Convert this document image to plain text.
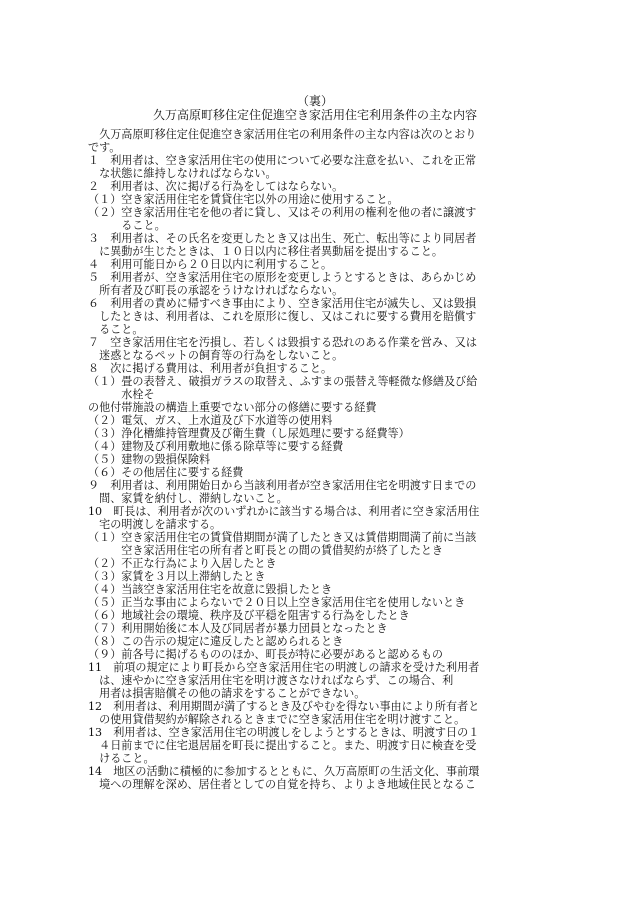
（裏）
久万高原町移住定住促進空き家活用住宅利用条件の主な内容
　久万高原町移住定住促進空き家活用住宅の利用条件の主な内容は次のとおり
です。
１　利用者は、空き家活用住宅の使用について必要な注意を払い、これを正常
　な状態に維持しなければならない。
２　利用者は、次に掲げる行為をしてはならない。
（１）空き家活用住宅を賃貸住宅以外の用途に使用すること。
（２）空き家活用住宅を他の者に貸し、又はその利用の権利を他の者に譲渡す
　　　ること。
３　利用者は、その氏名を変更したとき又は出生、死亡、転出等により同居者
　に異動が生じたときは、１０日以内に移住者異動届を提出すること。
４　利用可能日から２０日以内に利用すること。
５　利用者が、空き家活用住宅の原形を変更しようとするときは、あらかじめ
　所有者及び町長の承認をうけなければならない。
６　利用者の責めに帰すべき事由により、空き家活用住宅が滅失し、又は毀損
　したときは、利用者は、これを原形に復し、又はこれに要する費用を賠償す
　ること。
７　空き家活用住宅を汚損し、若しくは毀損する恐れのある作業を営み、又は
　迷惑となるペットの飼育等の行為をしないこと。
８　次に掲げる費用は、利用者が負担すること。
（１）畳の表替え、破損ガラスの取替え、ふすまの張替え等軽微な修繕及び給
　　　水栓そ
の他付帯施設の構造上重要でない部分の修繕に要する経費
（２）電気、ガス、上水道及び下水道等の使用料
（３）浄化槽維持管理費及び衛生費（し尿処理に要する経費等）
（４）建物及び利用敷地に係る除草等に要する経費
（５）建物の毀損保険料
（６）その他居住に要する経費
９　利用者は、利用開始日から当該利用者が空き家活用住宅を明渡す日までの
　間、家賃を納付し、滞納しないこと。
10　町長は、利用者が次のいずれかに該当する場合は、利用者に空き家活用住
　宅の明渡しを請求する。
（１）空き家活用住宅の賃貸借期間が満了したとき又は賃借期間満了前に当該
　　　空き家活用住宅の所有者と町長との間の賃借契約が終了したとき
（２）不正な行為により入居したとき
（３）家賃を３月以上滞納したとき
（４）当該空き家活用住宅を故意に毀損したとき
（５）正当な事由によらないで２０日以上空き家活用住宅を使用しないとき
（６）地域社会の環境、秩序及び平穏を阻害する行為をしたとき
（７）利用開始後に本人及び同居者が暴力団員となったとき
（８）この告示の規定に違反したと認められるとき
（９）前各号に掲げるもののほか、町長が特に必要があると認めるもの
11　前項の規定により町長から空き家活用住宅の明渡しの請求を受けた利用者
　は、速やかに空き家活用住宅を明け渡さなければならず、この場合、利
　用者は損害賠償その他の請求をすることができない。
12　利用者は、利用期間が満了するとき及びやむを得ない事由により所有者と
　の使用貸借契約が解除されるときまでに空き家活用住宅を明け渡すこと。
13　利用者は、空き家活用住宅の明渡しをしようとするときは、明渡す日の１
　４日前までに住宅退居届を町長に提出すること。また、明渡す日に検査を受
　けること。
14　地区の活動に積極的に参加するとともに、久万高原町の生活文化、事前環
　境への理解を深め、居住者としての自覚を持ち、よりよき地域住民となるこ
